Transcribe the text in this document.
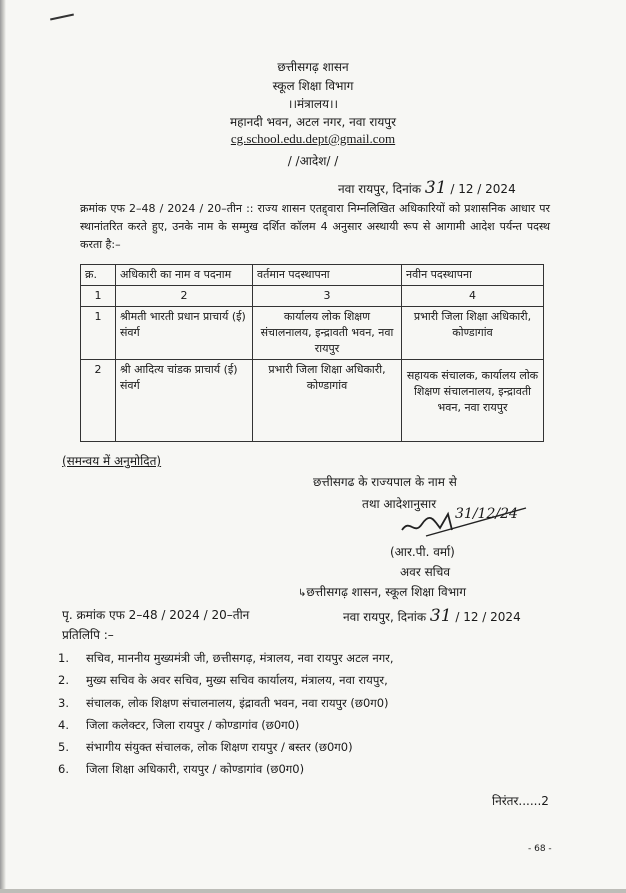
छत्तीसगढ़ शासन
स्कूल शिक्षा विभाग
।।मंत्रालय।।
महानदी भवन, अटल नगर, नवा रायपुर
cg.school.edu.dept@gmail.com
/ /आदेश/ /
नवा रायपुर, दिनांक 31 / 12 / 2024
क्रमांक एफ 2–48 / 2024 / 20–तीन :: राज्य शासन एतद्द्वारा निम्नलिखित अधिकारियों को प्रशासनिक आधार पर स्थानांतरित करते हुए, उनके नाम के सम्मुख दर्शित कॉलम 4 अनुसार अस्थायी रूप से आगामी आदेश पर्यन्त पदस्थ करता है:–
क्र.	अधिकारी का नाम व पदनाम	वर्तमान पदस्थापना	नवीन पदस्थापना
1	2	3	4
1	श्रीमती भारती प्रधान प्राचार्य (ई) संवर्ग	कार्यालय लोक शिक्षण संचालनालय, इन्द्रावती भवन, नवा रायपुर	प्रभारी जिला शिक्षा अधिकारी, कोण्डागांव
2	श्री आदित्य चांडक प्राचार्य (ई) संवर्ग	प्रभारी जिला शिक्षा अधिकारी, कोण्डागांव	सहायक संचालक, कार्यालय लोक शिक्षण संचालनालय, इन्द्रावती भवन, नवा रायपुर
(समन्वय में अनुमोदित)
छत्तीसगढ के राज्यपाल के नाम से
तथा आदेशानुसार
31/12/24
(आर.पी. वर्मा)
अवर सचिव
↳छत्तीसगढ़ शासन, स्कूल शिक्षा विभाग
पृ. क्रमांक एफ 2–48 / 2024 / 20–तीन	नवा रायपुर, दिनांक 31 / 12 / 2024
प्रतिलिपि :–
1. सचिव, माननीय मुख्यमंत्री जी, छत्तीसगढ़, मंत्रालय, नवा रायपुर अटल नगर,
2. मुख्य सचिव के अवर सचिव, मुख्य सचिव कार्यालय, मंत्रालय, नवा रायपुर,
3. संचालक, लोक शिक्षण संचालनालय, इंद्रावती भवन, नवा रायपुर (छ0ग0)
4. जिला कलेक्टर, जिला रायपुर / कोण्डागांव (छ0ग0)
5. संभागीय संयुक्त संचालक, लोक शिक्षण रायपुर / बस्तर (छ0ग0)
6. जिला शिक्षा अधिकारी, रायपुर / कोण्डागांव (छ0ग0)
निरंतर......2
- 68 -
